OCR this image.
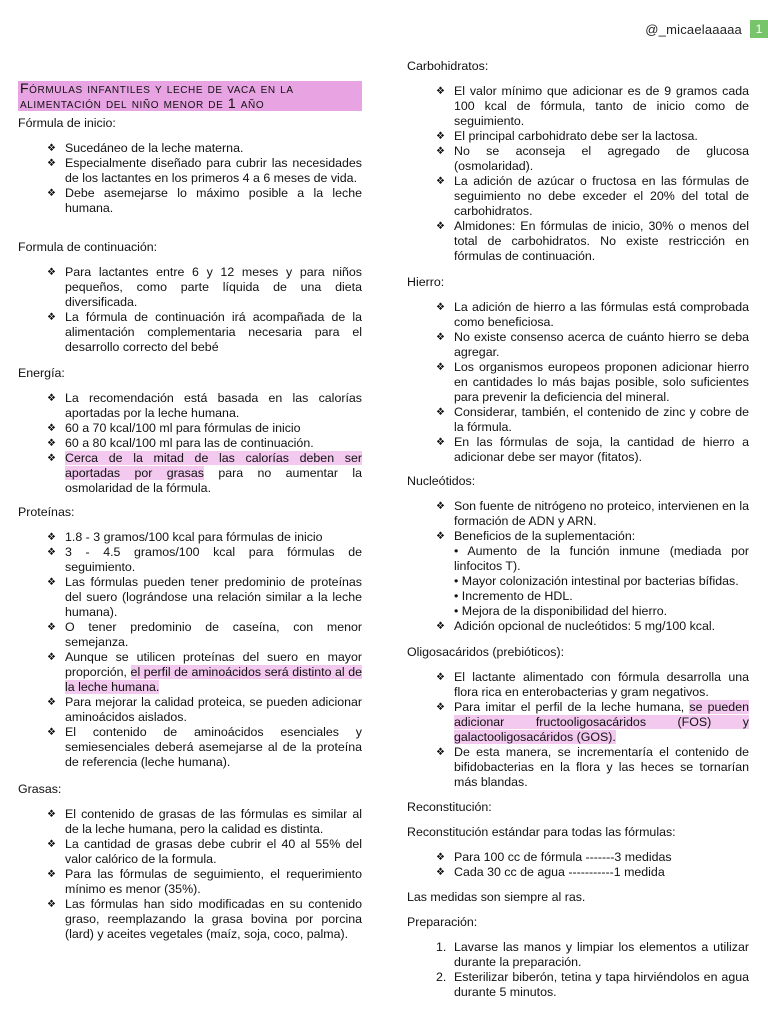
@_micaelaaaaa	1
Fórmulas infantiles y leche de vaca en la alimentación del niño menor de 1 año

Fórmula de inicio:

❖ Sucedáneo de la leche materna.
❖ Especialmente diseñado para cubrir las necesidades de los lactantes en los primeros 4 a 6 meses de vida.
❖ Debe asemejarse lo máximo posible a la leche humana.

Formula de continuación:

❖ Para lactantes entre 6 y 12 meses y para niños pequeños, como parte líquida de una dieta diversificada.
❖ La fórmula de continuación irá acompañada de la alimentación complementaria necesaria para el desarrollo correcto del bebé

Energía:

❖ La recomendación está basada en las calorías aportadas por la leche humana.
❖ 60 a 70 kcal/100 ml para fórmulas de inicio
❖ 60 a 80 kcal/100 ml para las de continuación.
❖ Cerca de la mitad de las calorías deben ser aportadas por grasas para no aumentar la osmolaridad de la fórmula.

Proteínas:

❖ 1.8 - 3 gramos/100 kcal para fórmulas de inicio
❖ 3 - 4.5 gramos/100 kcal para fórmulas de seguimiento.
❖ Las fórmulas pueden tener predominio de proteínas del suero (lográndose una relación similar a la leche humana).
❖ O tener predominio de caseína, con menor semejanza.
❖ Aunque se utilicen proteínas del suero en mayor proporción, el perfil de aminoácidos será distinto al de la leche humana.
❖ Para mejorar la calidad proteica, se pueden adicionar aminoácidos aislados.
❖ El contenido de aminoácidos esenciales y semiesenciales deberá asemejarse al de la proteína de referencia (leche humana).

Grasas:

❖ El contenido de grasas de las fórmulas es similar al de la leche humana, pero la calidad es distinta.
❖ La cantidad de grasas debe cubrir el 40 al 55% del valor calórico de la formula.
❖ Para las fórmulas de seguimiento, el requerimiento mínimo es menor (35%).
❖ Las fórmulas han sido modificadas en su contenido graso, reemplazando la grasa bovina por porcina (lard) y aceites vegetales (maíz, soja, coco, palma).

Carbohidratos:

❖ El valor mínimo que adicionar es de 9 gramos cada 100 kcal de fórmula, tanto de inicio como de seguimiento.
❖ El principal carbohidrato debe ser la lactosa.
❖ No se aconseja el agregado de glucosa (osmolaridad).
❖ La adición de azúcar o fructosa en las fórmulas de seguimiento no debe exceder el 20% del total de carbohidratos.
❖ Almidones: En fórmulas de inicio, 30% o menos del total de carbohidratos. No existe restricción en fórmulas de continuación.

Hierro:

❖ La adición de hierro a las fórmulas está comprobada como beneficiosa.
❖ No existe consenso acerca de cuánto hierro se deba agregar.
❖ Los organismos europeos proponen adicionar hierro en cantidades lo más bajas posible, solo suficientes para prevenir la deficiencia del mineral.
❖ Considerar, también, el contenido de zinc y cobre de la fórmula.
❖ En las fórmulas de soja, la cantidad de hierro a adicionar debe ser mayor (fitatos).

Nucleótidos:

❖ Son fuente de nitrógeno no proteico, intervienen en la formación de ADN y ARN.
❖ Beneficios de la suplementación:
• Aumento de la función inmune (mediada por linfocitos T).
• Mayor colonización intestinal por bacterias bífidas.
• Incremento de HDL.
• Mejora de la disponibilidad del hierro.
❖ Adición opcional de nucleótidos: 5 mg/100 kcal.

Oligosacáridos (prebióticos):

❖ El lactante alimentado con fórmula desarrolla una flora rica en enterobacterias y gram negativos.
❖ Para imitar el perfil de la leche humana, se pueden adicionar fructooligosacáridos (FOS) y galactooligosacáridos (GOS).
❖ De esta manera, se incrementaría el contenido de bifidobacterias en la flora y las heces se tornarían más blandas.

Reconstitución:

Reconstitución estándar para todas las fórmulas:

❖ Para 100 cc de fórmula -------3 medidas
❖ Cada 30 cc de agua -----------1 medida

Las medidas son siempre al ras.

Preparación:

1. Lavarse las manos y limpiar los elementos a utilizar durante la preparación.
2. Esterilizar biberón, tetina y tapa hirviéndolos en agua durante 5 minutos.
